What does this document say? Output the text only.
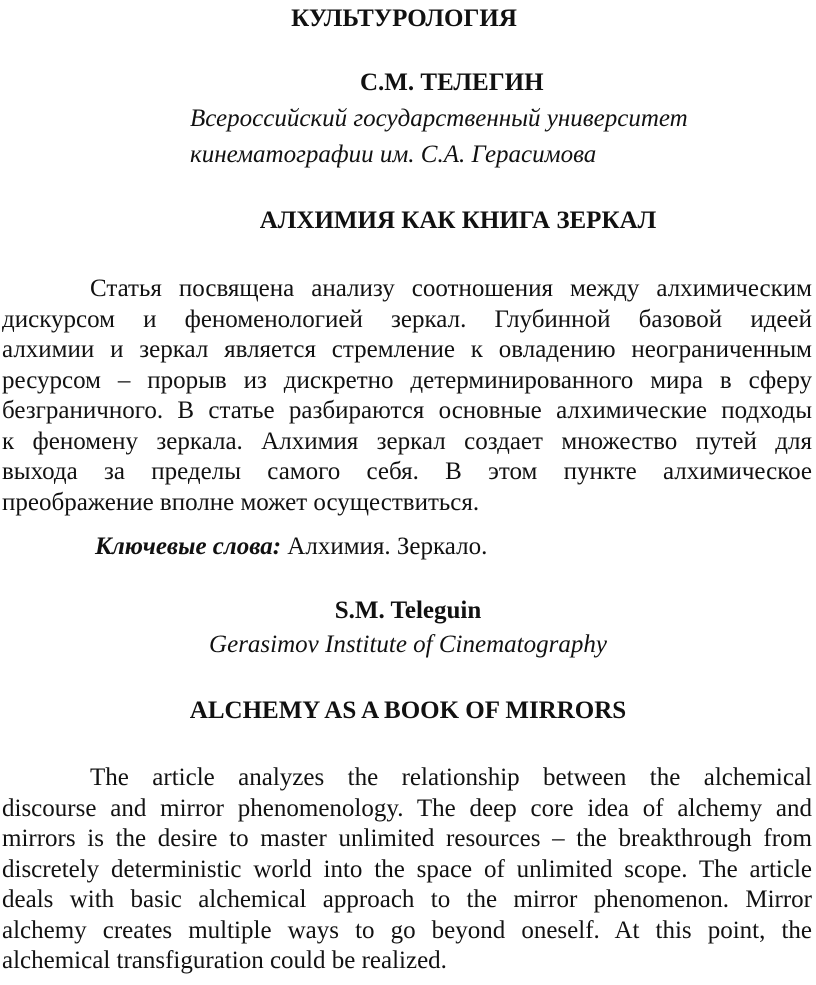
КУЛЬТУРОЛОГИЯ
С.М. ТЕЛЕГИН
Всероссийский государственный университет
кинематографии им. С.А. Герасимова
АЛХИМИЯ КАК КНИГА ЗЕРКАЛ
Статья посвящена анализу соотношения между алхимическим
дискурсом и феноменологией зеркал. Глубинной базовой идеей
алхимии и зеркал является стремление к овладению неограниченным
ресурсом – прорыв из дискретно детерминированного мира в сферу
безграничного. В статье разбираются основные алхимические подходы
к феномену зеркала. Алхимия зеркал создает множество путей для
выхода за пределы самого себя. В этом пункте алхимическое
преображение вполне может осуществиться.
Ключевые слова: Алхимия. Зеркало.
S.M. Teleguin
Gerasimov Institute of Cinematography
ALCHEMY AS A BOOK OF MIRRORS
The article analyzes the relationship between the alchemical
discourse and mirror phenomenology. The deep core idea of alchemy and
mirrors is the desire to master unlimited resources – the breakthrough from
discretely deterministic world into the space of unlimited scope. The article
deals with basic alchemical approach to the mirror phenomenon. Mirror
alchemy creates multiple ways to go beyond oneself. At this point, the
alchemical transfiguration could be realized.
